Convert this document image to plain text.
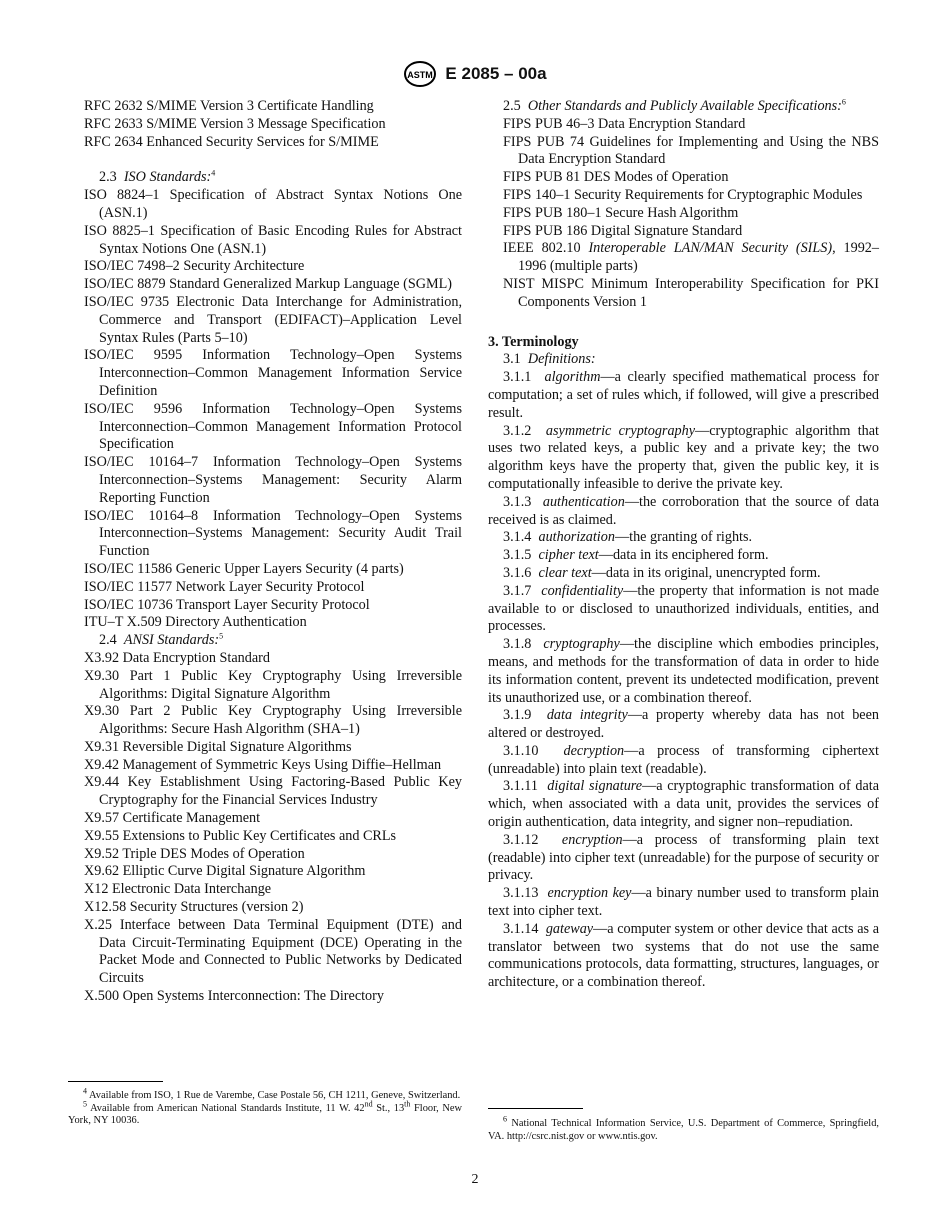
ASTM E 2085 – 00a
RFC 2632 S/MIME Version 3 Certificate Handling
RFC 2633 S/MIME Version 3 Message Specification
RFC 2634 Enhanced Security Services for S/MIME
2.3 ISO Standards:$^4$
ISO 8824–1 Specification of Abstract Syntax Notions One (ASN.1)
ISO 8825–1 Specification of Basic Encoding Rules for Abstract Syntax Notions One (ASN.1)
ISO/IEC 7498–2 Security Architecture
ISO/IEC 8879 Standard Generalized Markup Language (SGML)
ISO/IEC 9735 Electronic Data Interchange for Administration, Commerce and Transport (EDIFACT)–Application Level Syntax Rules (Parts 5–10)
ISO/IEC 9595 Information Technology–Open Systems Interconnection–Common Management Information Service Definition
ISO/IEC 9596 Information Technology–Open Systems Interconnection–Common Management Information Protocol Specification
ISO/IEC 10164–7 Information Technology–Open Systems Interconnection–Systems Management: Security Alarm Reporting Function
ISO/IEC 10164–8 Information Technology–Open Systems Interconnection–Systems Management: Security Audit Trail Function
ISO/IEC 11586 Generic Upper Layers Security (4 parts)
ISO/IEC 11577 Network Layer Security Protocol
ISO/IEC 10736 Transport Layer Security Protocol
ITU–T X.509 Directory Authentication
2.4 ANSI Standards:$^5$
X3.92 Data Encryption Standard
X9.30 Part 1 Public Key Cryptography Using Irreversible Algorithms: Digital Signature Algorithm
X9.30 Part 2 Public Key Cryptography Using Irreversible Algorithms: Secure Hash Algorithm (SHA–1)
X9.31 Reversible Digital Signature Algorithms
X9.42 Management of Symmetric Keys Using Diffie–Hellman
X9.44 Key Establishment Using Factoring-Based Public Key Cryptography for the Financial Services Industry
X9.57 Certificate Management
X9.55 Extensions to Public Key Certificates and CRLs
X9.52 Triple DES Modes of Operation
X9.62 Elliptic Curve Digital Signature Algorithm
X12 Electronic Data Interchange
X12.58 Security Structures (version 2)
X.25 Interface between Data Terminal Equipment (DTE) and Data Circuit-Terminating Equipment (DCE) Operating in the Packet Mode and Connected to Public Networks by Dedicated Circuits
X.500 Open Systems Interconnection: The Directory
2.5 Other Standards and Publicly Available Specifications:$^6$
FIPS PUB 46–3 Data Encryption Standard
FIPS PUB 74 Guidelines for Implementing and Using the NBS Data Encryption Standard
FIPS PUB 81 DES Modes of Operation
FIPS 140–1 Security Requirements for Cryptographic Modules
FIPS PUB 180–1 Secure Hash Algorithm
FIPS PUB 186 Digital Signature Standard
IEEE 802.10 Interoperable LAN/MAN Security (SILS), 1992–1996 (multiple parts)
NIST MISPC Minimum Interoperability Specification for PKI Components Version 1
3. Terminology
3.1 Definitions:
3.1.1 algorithm—a clearly specified mathematical process for computation; a set of rules which, if followed, will give a prescribed result.
3.1.2 asymmetric cryptography—cryptographic algorithm that uses two related keys, a public key and a private key; the two algorithm keys have the property that, given the public key, it is computationally infeasible to derive the private key.
3.1.3 authentication—the corroboration that the source of data received is as claimed.
3.1.4 authorization—the granting of rights.
3.1.5 cipher text—data in its enciphered form.
3.1.6 clear text—data in its original, unencrypted form.
3.1.7 confidentiality—the property that information is not made available to or disclosed to unauthorized individuals, entities, and processes.
3.1.8 cryptography—the discipline which embodies principles, means, and methods for the transformation of data in order to hide its information content, prevent its undetected modification, prevent its unauthorized use, or a combination thereof.
3.1.9 data integrity—a property whereby data has not been altered or destroyed.
3.1.10 decryption—a process of transforming ciphertext (unreadable) into plain text (readable).
3.1.11 digital signature—a cryptographic transformation of data which, when associated with a data unit, provides the services of origin authentication, data integrity, and signer non–repudiation.
3.1.12 encryption—a process of transforming plain text (readable) into cipher text (unreadable) for the purpose of security or privacy.
3.1.13 encryption key—a binary number used to transform plain text into cipher text.
3.1.14 gateway—a computer system or other device that acts as a translator between two systems that do not use the same communications protocols, data formatting, structures, languages, or architecture, or a combination thereof.

$^4$ Available from ISO, 1 Rue de Varembe, Case Postale 56, CH 1211, Geneve, Switzerland.

$^5$ Available from American National Standards Institute, 11 W. 42nd St., 13th Floor, New York, NY 10036.	$^6$ National Technical Information Service, U.S. Department of Commerce, Springfield, VA. http://csrc.nist.gov or www.ntis.gov.

2
